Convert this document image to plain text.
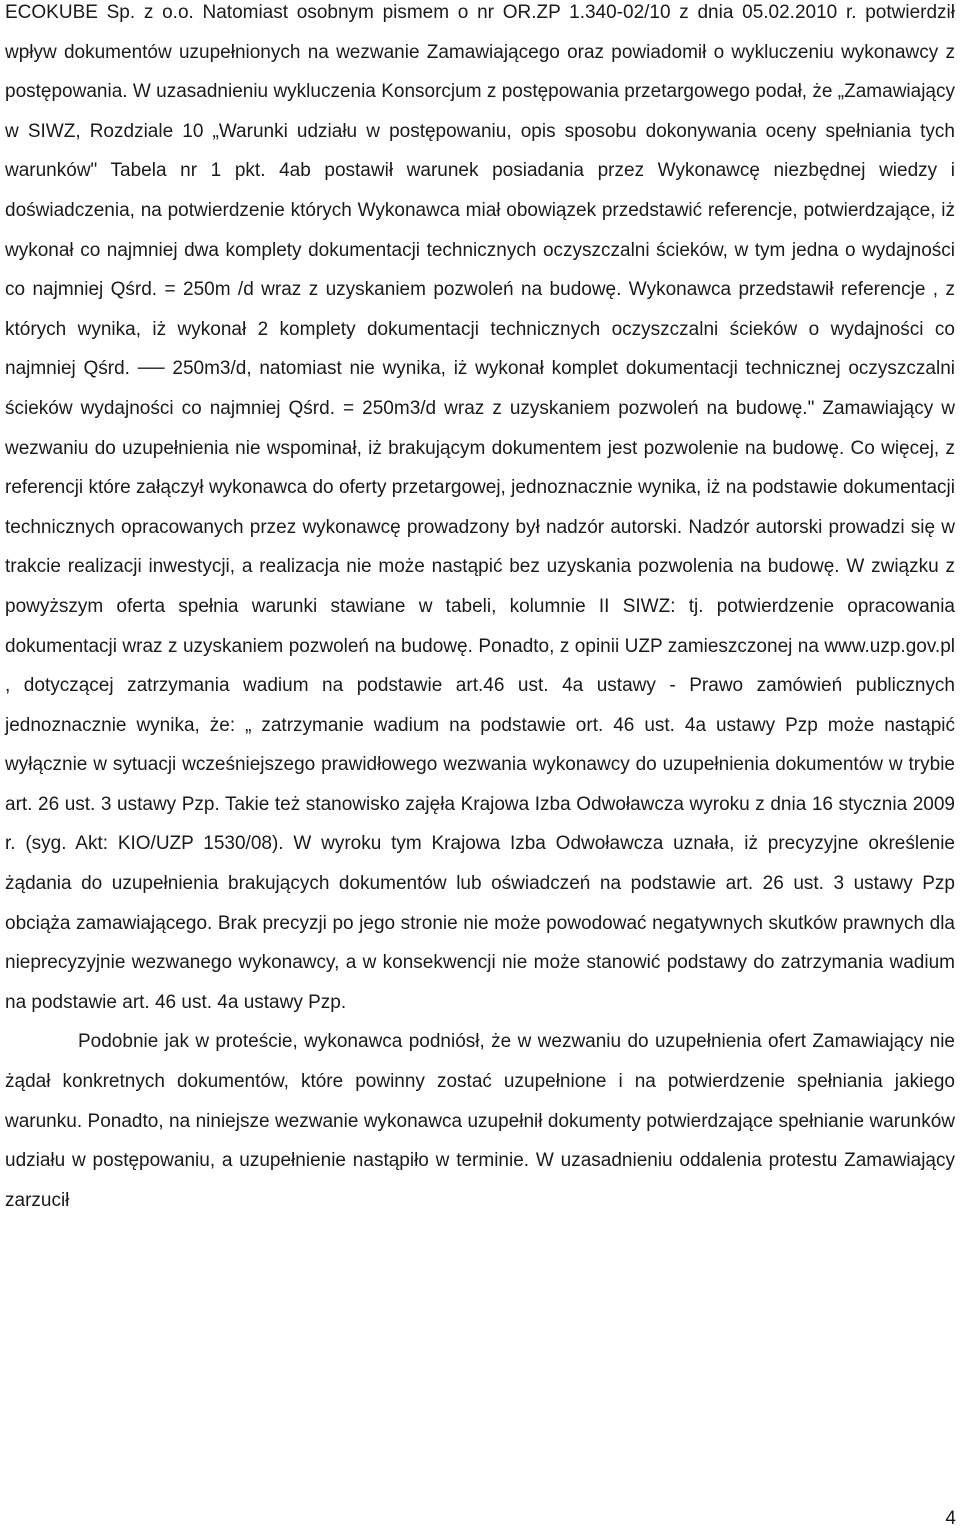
ECOKUBE Sp. z o.o. Natomiast osobnym pismem o nr OR.ZP 1.340-02/10 z dnia 05.02.2010 r. potwierdził wpływ dokumentów uzupełnionych na wezwanie Zamawiającego oraz powiadomił o wykluczeniu wykonawcy z postępowania. W uzasadnieniu wykluczenia Konsorcjum z postępowania przetargowego podał, że „Zamawiający w SIWZ, Rozdziale 10 „Warunki udziału w postępowaniu, opis sposobu dokonywania oceny spełniania tych warunków" Tabela nr 1 pkt. 4ab postawił warunek posiadania przez Wykonawcę niezbędnej wiedzy i doświadczenia, na potwierdzenie których Wykonawca miał obowiązek przedstawić referencje, potwierdzające, iż wykonał co najmniej dwa komplety dokumentacji technicznych oczyszczalni ścieków, w tym jedna o wydajności co najmniej Qśrd. = 250m /d wraz z uzyskaniem pozwoleń na budowę. Wykonawca przedstawił referencje , z których wynika, iż wykonał 2 komplety dokumentacji technicznych oczyszczalni ścieków o wydajności co najmniej Qśrd. ── 250m3/d, natomiast nie wynika, iż wykonał komplet dokumentacji technicznej oczyszczalni ścieków wydajności co najmniej Qśrd. = 250m3/d wraz z uzyskaniem pozwoleń na budowę." Zamawiający w wezwaniu do uzupełnienia nie wspominał, iż brakującym dokumentem jest pozwolenie na budowę. Co więcej, z referencji które załączył wykonawca do oferty przetargowej, jednoznacznie wynika, iż na podstawie dokumentacji technicznych opracowanych przez wykonawcę prowadzony był nadzór autorski. Nadzór autorski prowadzi się w trakcie realizacji inwestycji, a realizacja nie może nastąpić bez uzyskania pozwolenia na budowę. W związku z powyższym oferta spełnia warunki stawiane w tabeli, kolumnie II SIWZ: tj. potwierdzenie opracowania dokumentacji wraz z uzyskaniem pozwoleń na budowę. Ponadto, z opinii UZP zamieszczonej na www.uzp.gov.pl , dotyczącej zatrzymania wadium na podstawie art.46 ust. 4a ustawy - Prawo zamówień publicznych jednoznacznie wynika, że: „ zatrzymanie wadium na podstawie ort. 46 ust. 4a ustawy Pzp może nastąpić wyłącznie w sytuacji wcześniejszego prawidłowego wezwania wykonawcy do uzupełnienia dokumentów w trybie art. 26 ust. 3 ustawy Pzp. Takie też stanowisko zajęła Krajowa Izba Odwoławcza wyroku z dnia 16 stycznia 2009 r. (syg. Akt: KIO/UZP 1530/08). W wyroku tym Krajowa Izba Odwoławcza uznała, iż precyzyjne określenie żądania do uzupełnienia brakujących dokumentów lub oświadczeń na podstawie art. 26 ust. 3 ustawy Pzp obciąża zamawiającego. Brak precyzji po jego stronie nie może powodować negatywnych skutków prawnych dla nieprecyzyjnie wezwanego wykonawcy, a w konsekwencji nie może stanowić podstawy do zatrzymania wadium na podstawie art. 46 ust. 4a ustawy Pzp.

Podobnie jak w proteście, wykonawca podniósł, że w wezwaniu do uzupełnienia ofert Zamawiający nie żądał konkretnych dokumentów, które powinny zostać uzupełnione i na potwierdzenie spełniania jakiego warunku. Ponadto, na niniejsze wezwanie wykonawca uzupełnił dokumenty potwierdzające spełnianie warunków udziału w postępowaniu, a uzupełnienie nastąpiło w terminie. W uzasadnieniu oddalenia protestu Zamawiający zarzucił

4
